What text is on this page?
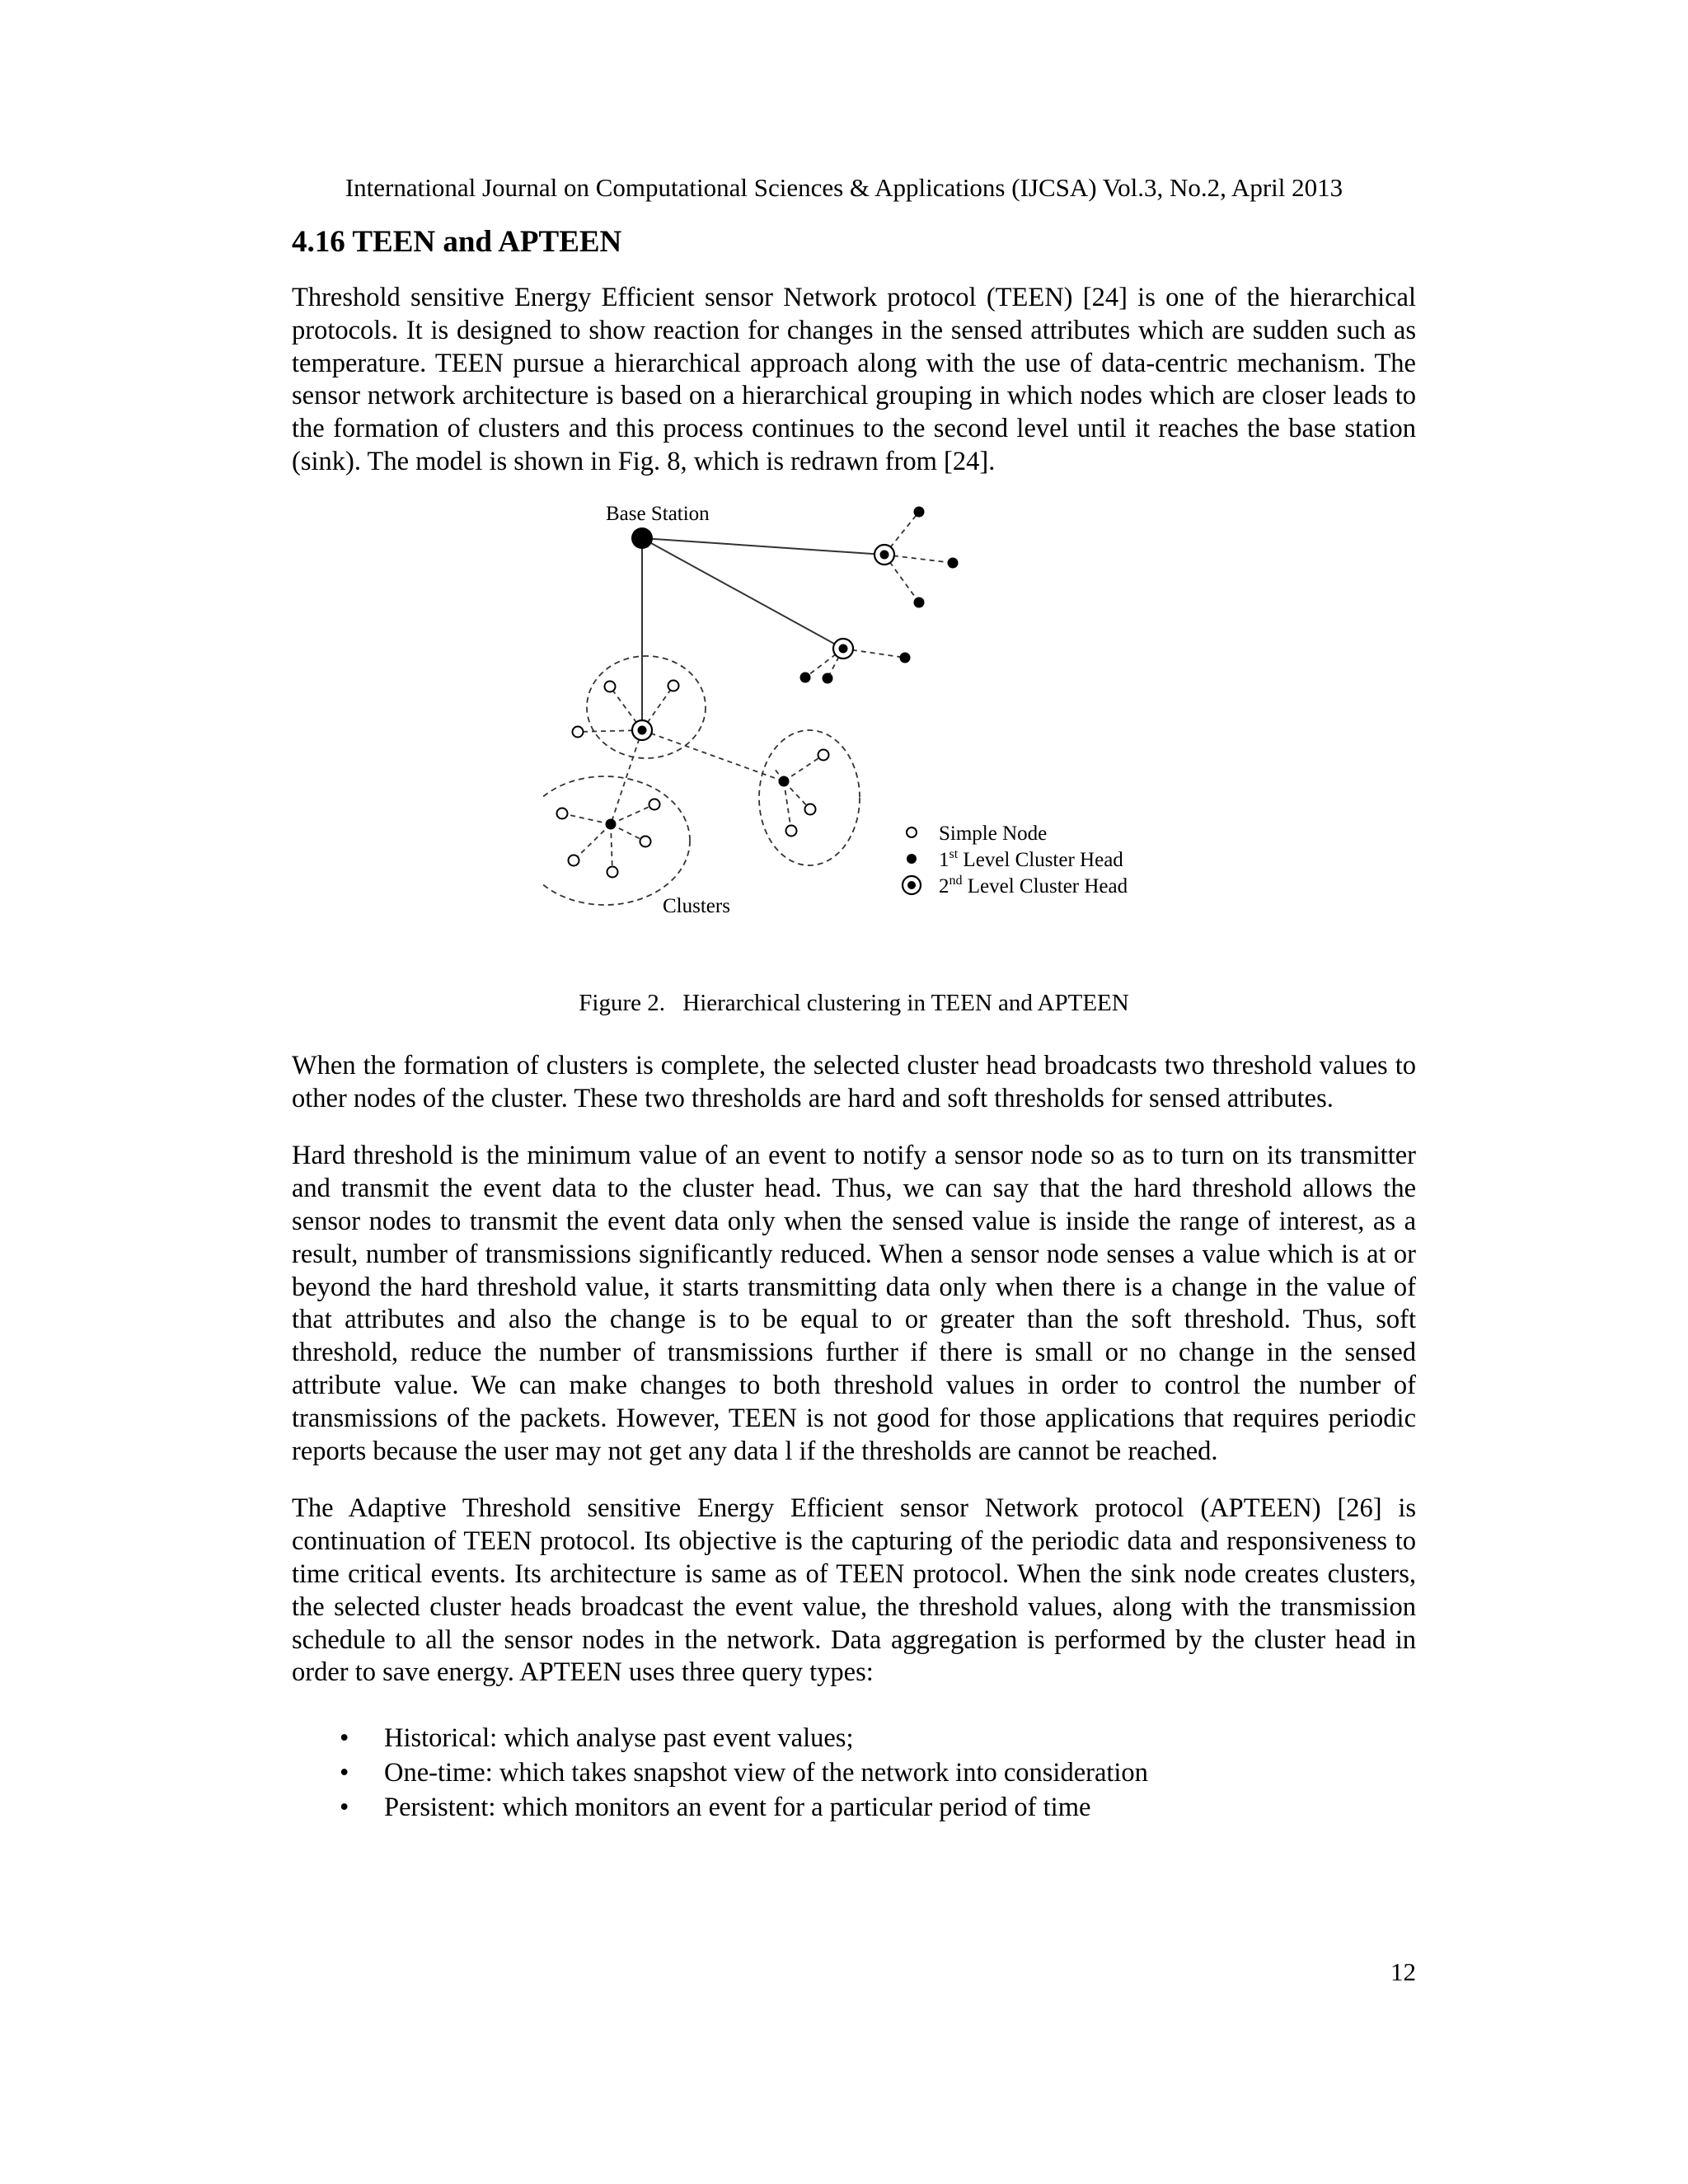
International Journal on Computational Sciences & Applications (IJCSA) Vol.3, No.2, April 2013
4.16 TEEN and APTEEN

Threshold sensitive Energy Efficient sensor Network protocol (TEEN) [24] is one of the hierarchical protocols. It is designed to show reaction for changes in the sensed attributes which are sudden such as temperature. TEEN pursue a hierarchical approach along with the use of data-centric mechanism. The sensor network architecture is based on a hierarchical grouping in which nodes which are closer leads to the formation of clusters and this process continues to the second level until it reaches the base station (sink). The model is shown in Fig. 8, which is redrawn from [24].

Base Station
Clusters
Simple Node
1st Level Cluster Head
2nd Level Cluster Head
Figure 2. Hierarchical clustering in TEEN and APTEEN

When the formation of clusters is complete, the selected cluster head broadcasts two threshold values to other nodes of the cluster. These two thresholds are hard and soft thresholds for sensed attributes.

Hard threshold is the minimum value of an event to notify a sensor node so as to turn on its transmitter and transmit the event data to the cluster head. Thus, we can say that the hard threshold allows the sensor nodes to transmit the event data only when the sensed value is inside the range of interest, as a result, number of transmissions significantly reduced. When a sensor node senses a value which is at or beyond the hard threshold value, it starts transmitting data only when there is a change in the value of that attributes and also the change is to be equal to or greater than the soft threshold. Thus, soft threshold, reduce the number of transmissions further if there is small or no change in the sensed attribute value. We can make changes to both threshold values in order to control the number of transmissions of the packets. However, TEEN is not good for those applications that requires periodic reports because the user may not get any data l if the thresholds are cannot be reached.

The Adaptive Threshold sensitive Energy Efficient sensor Network protocol (APTEEN) [26] is continuation of TEEN protocol. Its objective is the capturing of the periodic data and responsiveness to time critical events. Its architecture is same as of TEEN protocol. When the sink node creates clusters, the selected cluster heads broadcast the event value, the threshold values, along with the transmission schedule to all the sensor nodes in the network. Data aggregation is performed by the cluster head in order to save energy. APTEEN uses three query types:

• Historical: which analyse past event values;
• One-time: which takes snapshot view of the network into consideration
• Persistent: which monitors an event for a particular period of time
12
